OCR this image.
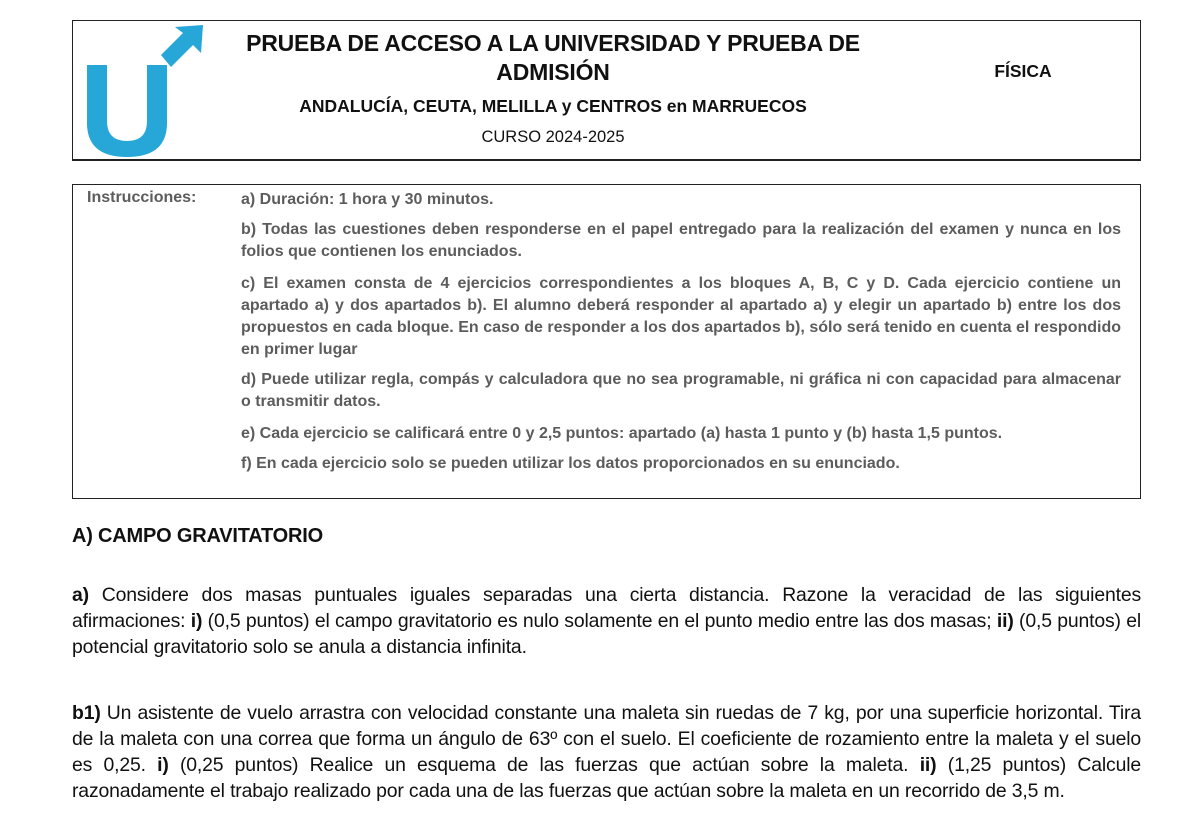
PRUEBA DE ACCESO A LA UNIVERSIDAD Y PRUEBA DE
ADMISIÓN
ANDALUCÍA, CEUTA, MELILLA y CENTROS en MARRUECOS
CURSO 2024-2025
FÍSICA
Instrucciones:	a) Duración: 1 hora y 30 minutos.
b) Todas las cuestiones deben responderse en el papel entregado para la realización del examen y nunca en los folios que contienen los enunciados.
c) El examen consta de 4 ejercicios correspondientes a los bloques A, B, C y D. Cada ejercicio contiene un apartado a) y dos apartados b). El alumno deberá responder al apartado a) y elegir un apartado b) entre los dos propuestos en cada bloque. En caso de responder a los dos apartados b), sólo será tenido en cuenta el respondido en primer lugar
d) Puede utilizar regla, compás y calculadora que no sea programable, ni gráfica ni con capacidad para almacenar o transmitir datos.
e) Cada ejercicio se calificará entre 0 y 2,5 puntos: apartado (a) hasta 1 punto y (b) hasta 1,5 puntos.
f) En cada ejercicio solo se pueden utilizar los datos proporcionados en su enunciado.
A) CAMPO GRAVITATORIO
a) Considere dos masas puntuales iguales separadas una cierta distancia. Razone la veracidad de las siguientes afirmaciones: i) (0,5 puntos) el campo gravitatorio es nulo solamente en el punto medio entre las dos masas; ii) (0,5 puntos) el potencial gravitatorio solo se anula a distancia infinita.
b1) Un asistente de vuelo arrastra con velocidad constante una maleta sin ruedas de 7 kg, por una superficie horizontal. Tira de la maleta con una correa que forma un ángulo de 63º con el suelo. El coeficiente de rozamiento entre la maleta y el suelo es 0,25. i) (0,25 puntos) Realice un esquema de las fuerzas que actúan sobre la maleta. ii) (1,25 puntos) Calcule razonadamente el trabajo realizado por cada una de las fuerzas que actúan sobre la maleta en un recorrido de 3,5 m.
